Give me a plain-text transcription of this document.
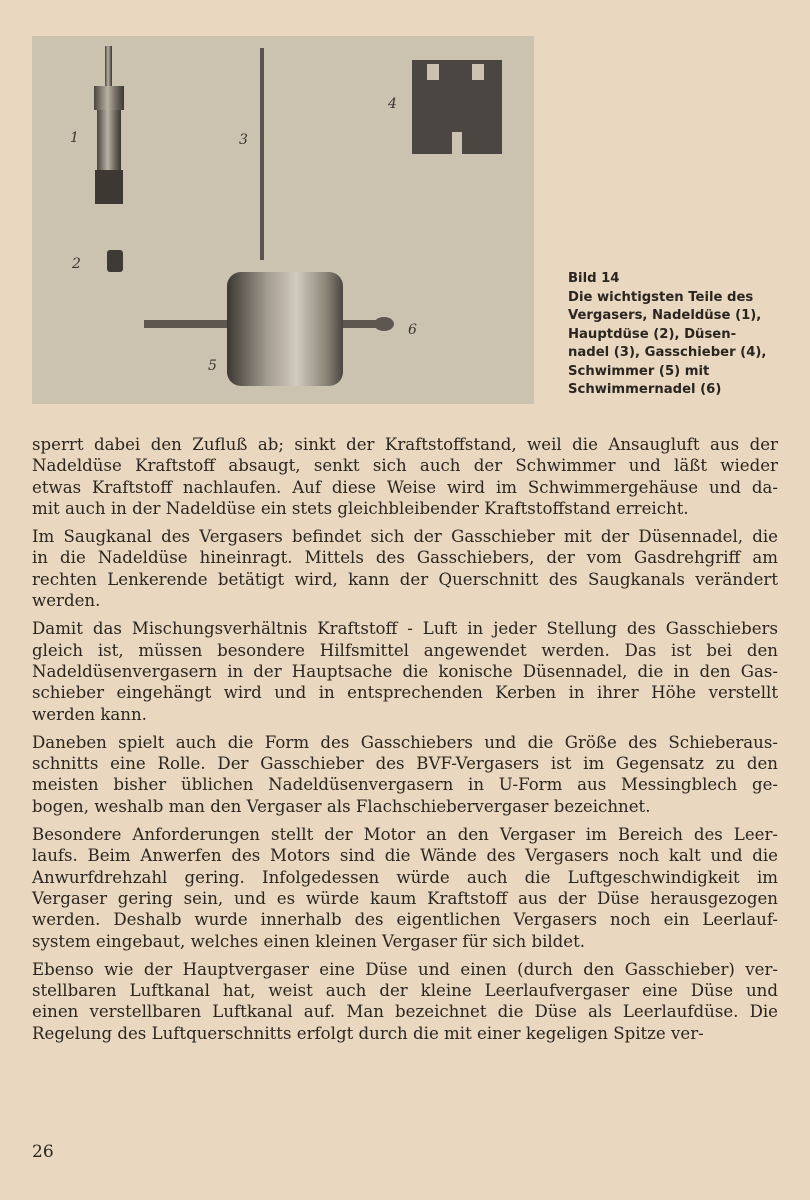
1
2
3
4
5
6
Bild 14
Die wichtigsten Teile des
Vergasers, Nadeldüse (1),
Hauptdüse (2), Düsen-
nadel (3), Gasschieber (4),
Schwimmer (5) mit
Schwimmernadel (6)

sperrt dabei den Zufluß ab; sinkt der Kraftstoffstand, weil die Ansaugluft aus der
Nadeldüse Kraftstoff absaugt, senkt sich auch der Schwimmer und läßt wieder
etwas Kraftstoff nachlaufen. Auf diese Weise wird im Schwimmergehäuse und da-
mit auch in der Nadeldüse ein stets gleichbleibender Kraftstoffstand erreicht.

Im Saugkanal des Vergasers befindet sich der Gasschieber mit der Düsennadel, die
in die Nadeldüse hineinragt. Mittels des Gasschiebers, der vom Gasdrehgriff am
rechten Lenkerende betätigt wird, kann der Querschnitt des Saugkanals verändert
werden.

Damit das Mischungsverhältnis Kraftstoff - Luft in jeder Stellung des Gasschiebers
gleich ist, müssen besondere Hilfsmittel angewendet werden. Das ist bei den
Nadeldüsenvergasern in der Hauptsache die konische Düsennadel, die in den Gas-
schieber eingehängt wird und in entsprechenden Kerben in ihrer Höhe verstellt
werden kann.

Daneben spielt auch die Form des Gasschiebers und die Größe des Schieberaus-
schnitts eine Rolle. Der Gasschieber des BVF-Vergasers ist im Gegensatz zu den
meisten bisher üblichen Nadeldüsenvergasern in U-Form aus Messingblech ge-
bogen, weshalb man den Vergaser als Flachschiebervergaser bezeichnet.

Besondere Anforderungen stellt der Motor an den Vergaser im Bereich des Leer-
laufs. Beim Anwerfen des Motors sind die Wände des Vergasers noch kalt und die
Anwurfdrehzahl gering. Infolgedessen würde auch die Luftgeschwindigkeit im
Vergaser gering sein, und es würde kaum Kraftstoff aus der Düse herausgezogen
werden. Deshalb wurde innerhalb des eigentlichen Vergasers noch ein Leerlauf-
system eingebaut, welches einen kleinen Vergaser für sich bildet.

Ebenso wie der Hauptvergaser eine Düse und einen (durch den Gasschieber) ver-
stellbaren Luftkanal hat, weist auch der kleine Leerlaufvergaser eine Düse und
einen verstellbaren Luftkanal auf. Man bezeichnet die Düse als Leerlaufdüse. Die
Regelung des Luftquerschnitts erfolgt durch die mit einer kegeligen Spitze ver-

26
